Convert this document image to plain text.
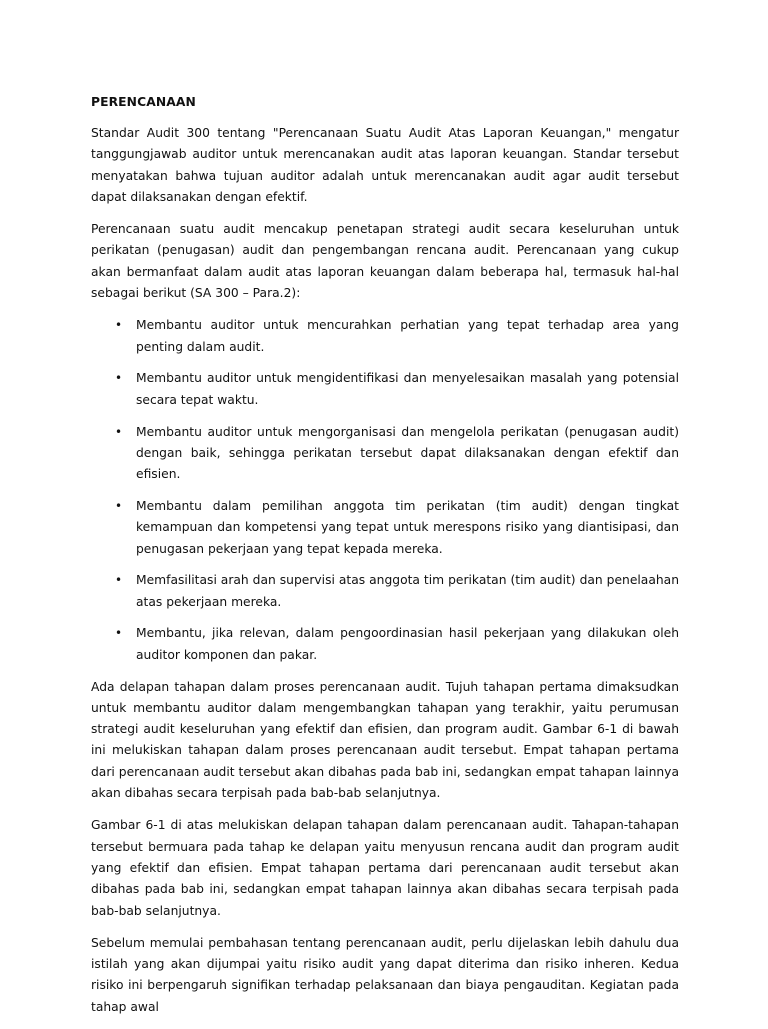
PERENCANAAN

Standar Audit 300 tentang "Perencanaan Suatu Audit Atas Laporan Keuangan," mengatur tanggungjawab auditor untuk merencanakan audit atas laporan keuangan. Standar tersebut menyatakan bahwa tujuan auditor adalah untuk merencanakan audit agar audit tersebut dapat dilaksanakan dengan efektif.

Perencanaan suatu audit mencakup penetapan strategi audit secara keseluruhan untuk perikatan (penugasan) audit dan pengembangan rencana audit. Perencanaan yang cukup akan bermanfaat dalam audit atas laporan keuangan dalam beberapa hal, termasuk hal-hal sebagai berikut (SA 300 – Para.2):

• Membantu auditor untuk mencurahkan perhatian yang tepat terhadap area yang penting dalam audit.
• Membantu auditor untuk mengidentifikasi dan menyelesaikan masalah yang potensial secara tepat waktu.
• Membantu auditor untuk mengorganisasi dan mengelola perikatan (penugasan audit) dengan baik, sehingga perikatan tersebut dapat dilaksanakan dengan efektif dan efisien.
• Membantu dalam pemilihan anggota tim perikatan (tim audit) dengan tingkat kemampuan dan kompetensi yang tepat untuk merespons risiko yang diantisipasi, dan penugasan pekerjaan yang tepat kepada mereka.
• Memfasilitasi arah dan supervisi atas anggota tim perikatan (tim audit) dan penelaahan atas pekerjaan mereka.
• Membantu, jika relevan, dalam pengoordinasian hasil pekerjaan yang dilakukan oleh auditor komponen dan pakar.

Ada delapan tahapan dalam proses perencanaan audit. Tujuh tahapan pertama dimaksudkan untuk membantu auditor dalam mengembangkan tahapan yang terakhir, yaitu perumusan strategi audit keseluruhan yang efektif dan efisien, dan program audit. Gambar 6-1 di bawah ini melukiskan tahapan dalam proses perencanaan audit tersebut. Empat tahapan pertama dari perencanaan audit tersebut akan dibahas pada bab ini, sedangkan empat tahapan lainnya akan dibahas secara terpisah pada bab-bab selanjutnya.

Gambar 6-1 di atas melukiskan delapan tahapan dalam perencanaan audit. Tahapan-tahapan tersebut bermuara pada tahap ke delapan yaitu menyusun rencana audit dan program audit yang efektif dan efisien. Empat tahapan pertama dari perencanaan audit tersebut akan dibahas pada bab ini, sedangkan empat tahapan lainnya akan dibahas secara terpisah pada bab-bab selanjutnya.

Sebelum memulai pembahasan tentang perencanaan audit, perlu dijelaskan lebih dahulu dua istilah yang akan dijumpai yaitu risiko audit yang dapat diterima dan risiko inheren. Kedua risiko ini berpengaruh signifikan terhadap pelaksanaan dan biaya pengauditan. Kegiatan pada tahap awal
